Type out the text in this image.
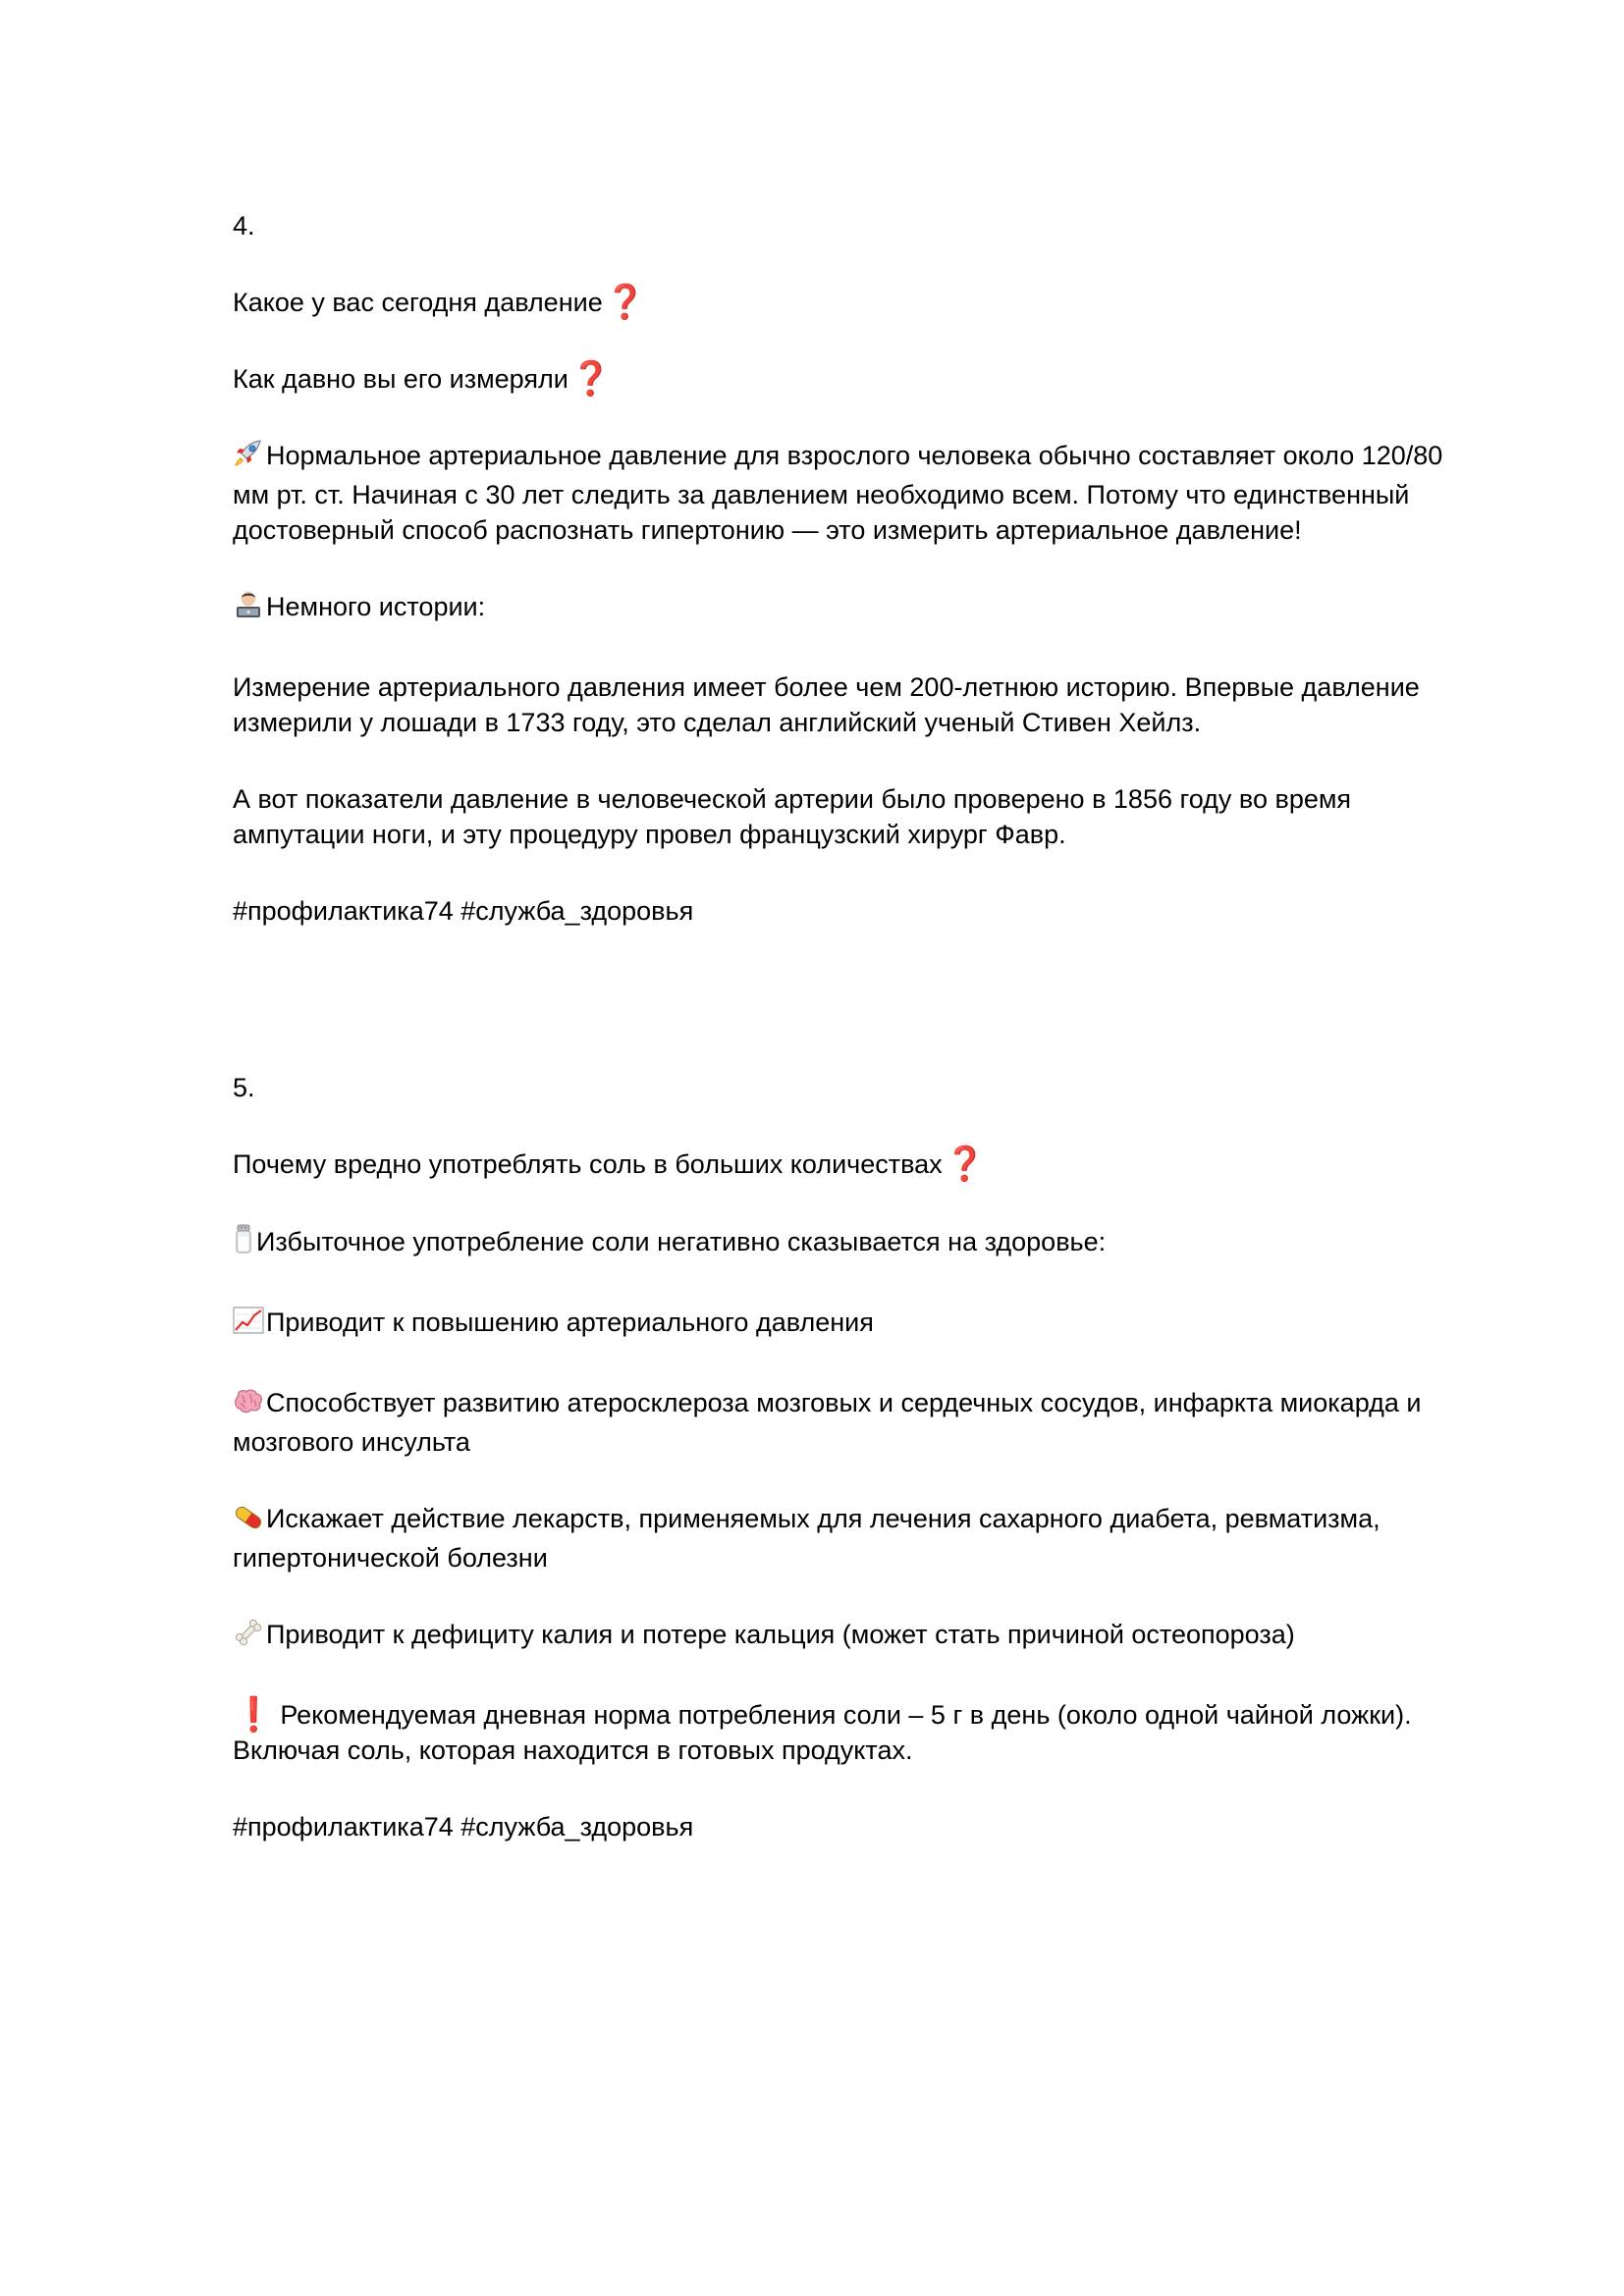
4.

Какое у вас сегодня давление❓

Как давно вы его измеряли❓

Нормальное артериальное давление для взрослого человека обычно составляет около 120/80 мм рт. ст. Начиная с 30 лет следить за давлением необходимо всем. Потому что единственный достоверный способ распознать гипертонию — это измерить артериальное давление!

Немного истории:

Измерение артериального давления имеет более чем 200-летнюю историю. Впервые давление измерили у лошади в 1733 году, это сделал английский ученый Стивен Хейлз.

А вот показатели давление в человеческой артерии было проверено в 1856 году во время ампутации ноги, и эту процедуру провел французский хирург Фавр.

#профилактика74 #служба_здоровья

5.

Почему вредно употреблять соль в больших количествах❓

Избыточное употребление соли негативно сказывается на здоровье:

Приводит к повышению артериального давления

Способствует развитию атеросклероза мозговых и сердечных сосудов, инфаркта миокарда и мозгового инсульта

Искажает действие лекарств, применяемых для лечения сахарного диабета, ревматизма, гипертонической болезни

Приводит к дефициту калия и потере кальция (может стать причиной остеопороза)

❗ Рекомендуемая дневная норма потребления соли – 5 г в день (около одной чайной ложки). Включая соль, которая находится в готовых продуктах.

#профилактика74 #служба_здоровья
